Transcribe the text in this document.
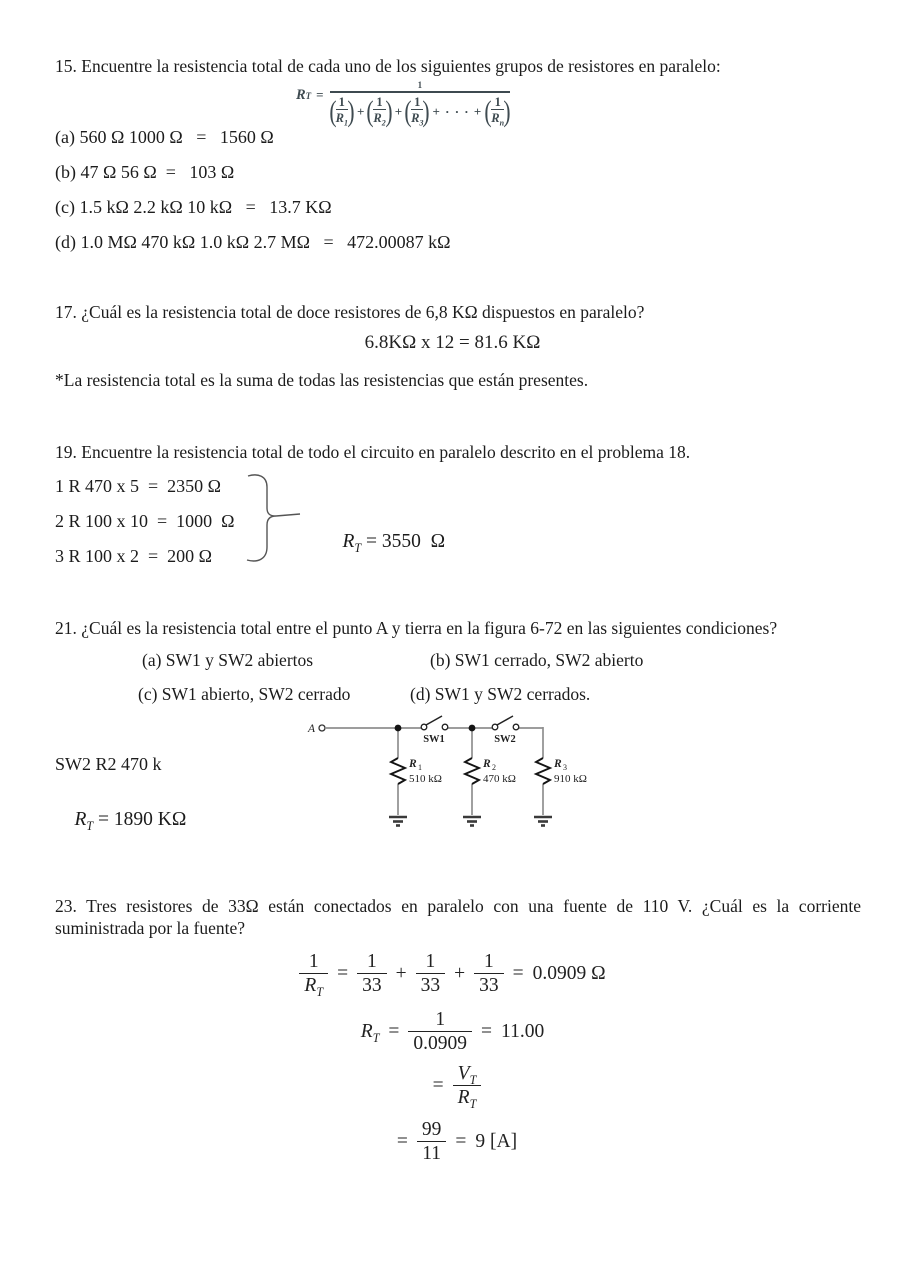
15. Encuentre la resistencia total de cada uno de los siguientes grupos de resistores en paralelo:
R T =
1
( 1
$R_1$ ) + ( 1
$R_2$ ) + ( 1
$R_3$ ) + · · · + ( 1
$R_n$ )
(a) 560 Ω 1000 Ω   =   1560 Ω
(b) 47 Ω 56 Ω  =   103 Ω
(c) 1.5 kΩ 2.2 kΩ 10 kΩ   =   13.7 KΩ
(d) 1.0 MΩ 470 kΩ 1.0 kΩ 2.7 MΩ   =   472.00087 kΩ
17. ¿Cuál es la resistencia total de doce resistores de 6,8 KΩ dispuestos en paralelo?
6.8KΩ x 12 = 81.6 KΩ
*La resistencia total es la suma de todas las resistencias que están presentes.
19. Encuentre la resistencia total de todo el circuito en paralelo descrito en el problema 18.
1 R 470 x 5  =  2350 Ω
2 R 100 x 10  =  1000  Ω
3 R 100 x 2  =  200 Ω

$R_T = 3550$  Ω

21. ¿Cuál es la resistencia total entre el punto A y tierra en la figura 6-72 en las siguientes condiciones?
(a) SW1 y SW2 abiertos	(b) SW1 cerrado, SW2 abierto
(c) SW1 abierto, SW2 cerrado	(d) SW1 y SW2 cerrados.
A
SW1	SW2
R 1
510 kΩ
R 2
470 kΩ
R 3
910 kΩ
SW2 R2 470 k

$R_T = 1890$ KΩ

23. Tres resistores de 33Ω están conectados en paralelo con una fuente de 110 V. ¿Cuál es la corriente
suministrada por la fuente?
$\frac{1}{R_T} = \frac{1}{33} + \frac{1}{33} + \frac{1}{33} = 0.0909$ Ω
$R_T = \frac{1}{0.0909} = 11.00$
= $\frac{V_T}{R_T}$
= $\frac{99}{11} = 9$ [A]
